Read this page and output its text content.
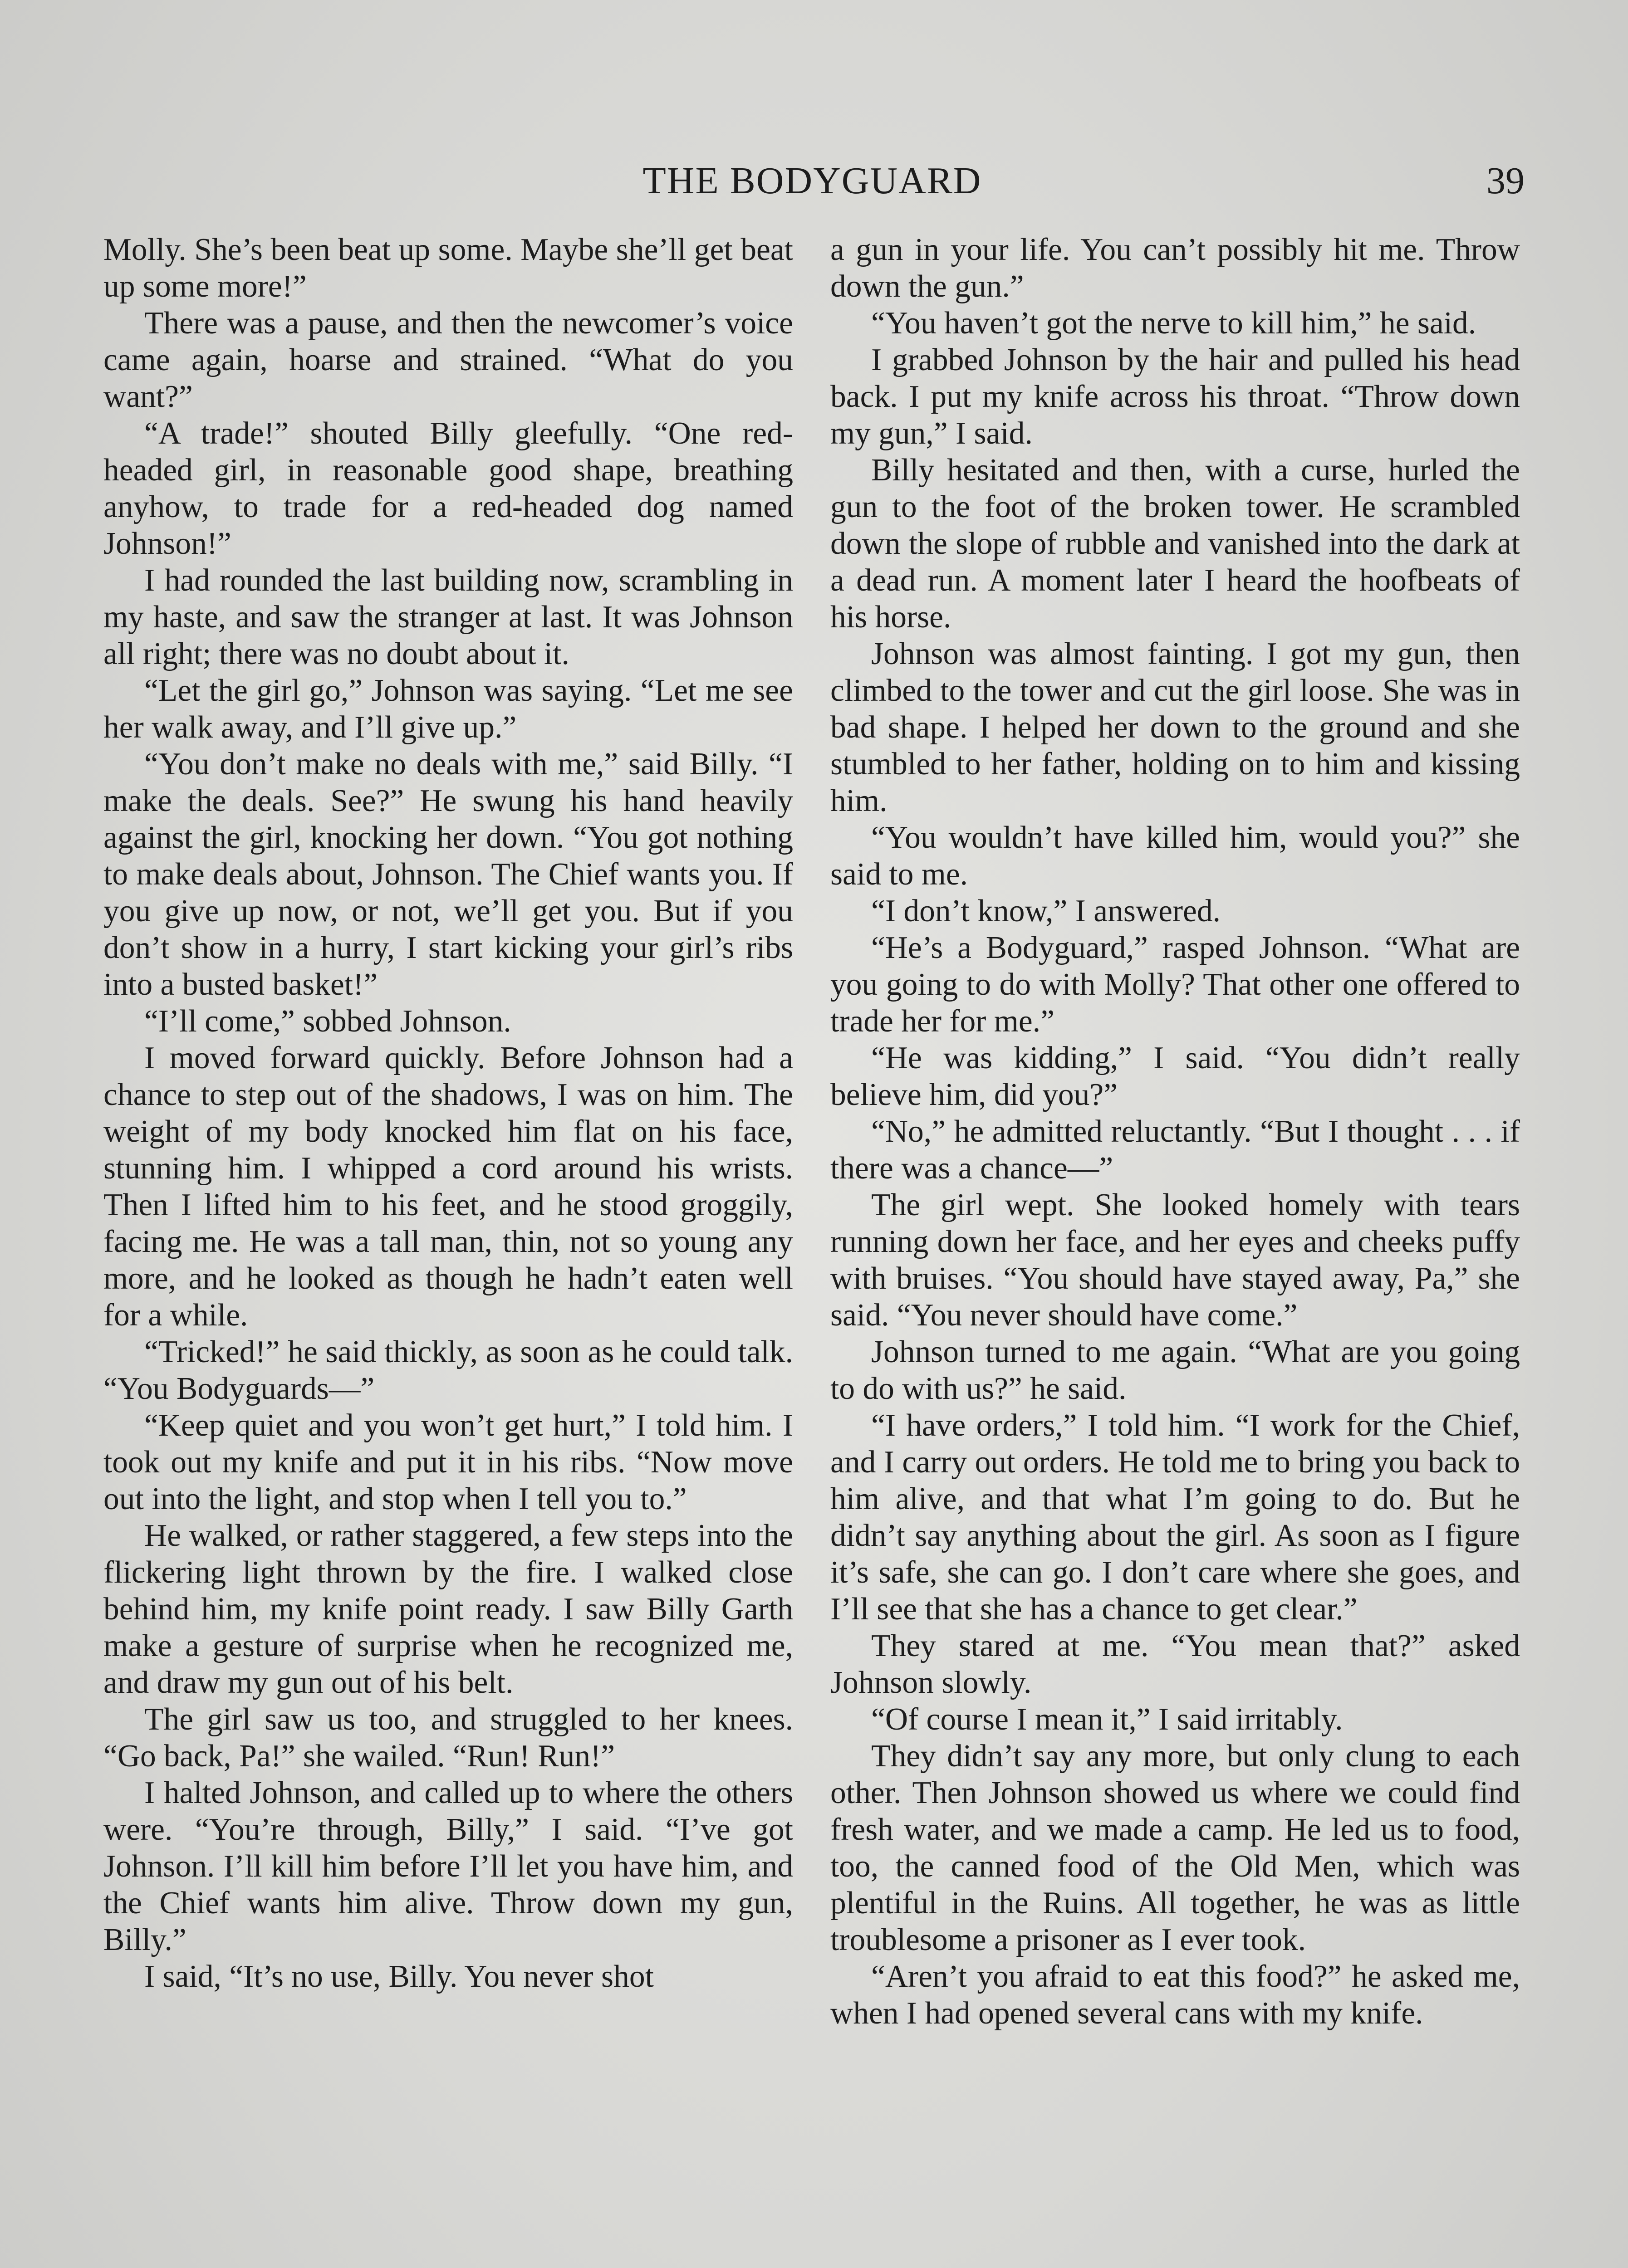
THE BODYGUARD	39

Molly. She’s been beat up some. Maybe she’ll get beat up some more!”

There was a pause, and then the newcomer’s voice came again, hoarse and strained. “What do you want?”

“A trade!” shouted Billy gleefully. “One red-headed girl, in reasonable good shape, breathing anyhow, to trade for a red-headed dog named Johnson!”

I had rounded the last building now, scrambling in my haste, and saw the stranger at last. It was Johnson all right; there was no doubt about it.

“Let the girl go,” Johnson was saying. “Let me see her walk away, and I’ll give up.”

“You don’t make no deals with me,” said Billy. “I make the deals. See?” He swung his hand heavily against the girl, knocking her down. “You got nothing to make deals about, Johnson. The Chief wants you. If you give up now, or not, we’ll get you. But if you don’t show in a hurry, I start kicking your girl’s ribs into a busted basket!”

“I’ll come,” sobbed Johnson.

I moved forward quickly. Before Johnson had a chance to step out of the shadows, I was on him. The weight of my body knocked him flat on his face, stunning him. I whipped a cord around his wrists. Then I lifted him to his feet, and he stood groggily, facing me. He was a tall man, thin, not so young any more, and he looked as though he hadn’t eaten well for a while.

“Tricked!” he said thickly, as soon as he could talk. “You Bodyguards—”

“Keep quiet and you won’t get hurt,” I told him. I took out my knife and put it in his ribs. “Now move out into the light, and stop when I tell you to.”

He walked, or rather staggered, a few steps into the flickering light thrown by the fire. I walked close behind him, my knife point ready. I saw Billy Garth make a gesture of surprise when he recognized me, and draw my gun out of his belt.

The girl saw us too, and struggled to her knees. “Go back, Pa!” she wailed. “Run! Run!”

I halted Johnson, and called up to where the others were. “You’re through, Billy,” I said. “I’ve got Johnson. I’ll kill him before I’ll let you have him, and the Chief wants him alive. Throw down my gun, Billy.”

I said, “It’s no use, Billy. You never shot

a gun in your life. You can’t possibly hit me. Throw down the gun.”

“You haven’t got the nerve to kill him,” he said.

I grabbed Johnson by the hair and pulled his head back. I put my knife across his throat. “Throw down my gun,” I said.

Billy hesitated and then, with a curse, hurled the gun to the foot of the broken tower. He scrambled down the slope of rubble and vanished into the dark at a dead run. A moment later I heard the hoofbeats of his horse.

Johnson was almost fainting. I got my gun, then climbed to the tower and cut the girl loose. She was in bad shape. I helped her down to the ground and she stumbled to her father, holding on to him and kissing him.

“You wouldn’t have killed him, would you?” she said to me.

“I don’t know,” I answered.

“He’s a Bodyguard,” rasped Johnson. “What are you going to do with Molly? That other one offered to trade her for me.”

“He was kidding,” I said. “You didn’t really believe him, did you?”

“No,” he admitted reluctantly. “But I thought . . . if there was a chance—”

The girl wept. She looked homely with tears running down her face, and her eyes and cheeks puffy with bruises. “You should have stayed away, Pa,” she said. “You never should have come.”

Johnson turned to me again. “What are you going to do with us?” he said.

“I have orders,” I told him. “I work for the Chief, and I carry out orders. He told me to bring you back to him alive, and that what I’m going to do. But he didn’t say anything about the girl. As soon as I figure it’s safe, she can go. I don’t care where she goes, and I’ll see that she has a chance to get clear.”

They stared at me. “You mean that?” asked Johnson slowly.

“Of course I mean it,” I said irritably.

They didn’t say any more, but only clung to each other. Then Johnson showed us where we could find fresh water, and we made a camp. He led us to food, too, the canned food of the Old Men, which was plentiful in the Ruins. All together, he was as little troublesome a prisoner as I ever took.

“Aren’t you afraid to eat this food?” he asked me, when I had opened several cans with my knife.
